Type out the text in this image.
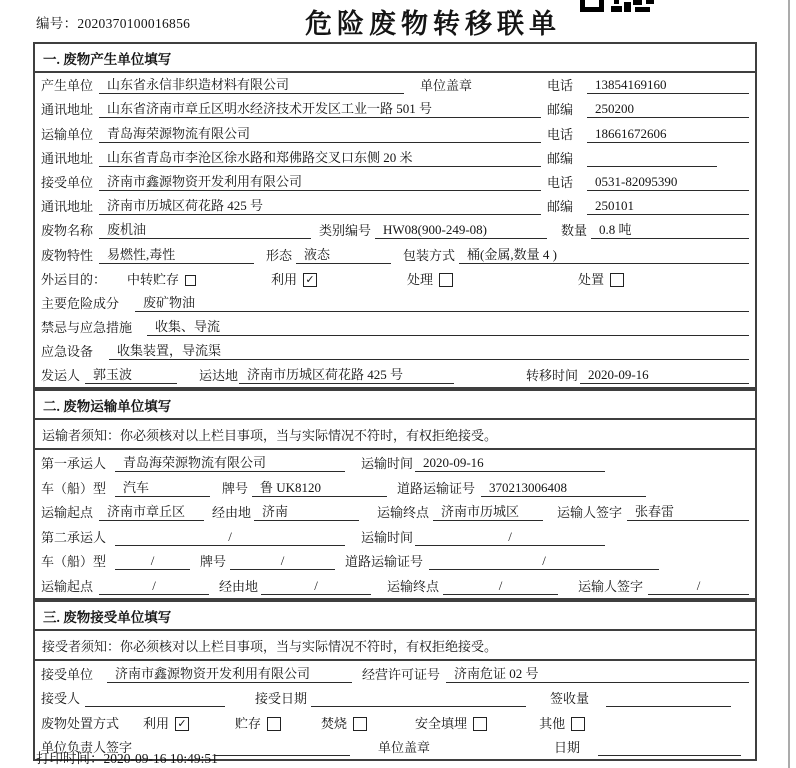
编号：2020370100016856	危险废物转移联单
一. 废物产生单位填写
产生单位	山东省永信非织造材料有限公司	单位盖章	电话	13854169160
通讯地址	山东省济南市章丘区明水经济技术开发区工业一路 501 号	邮编	250200
运输单位	青岛海荣源物流有限公司	电话	18661672606
通讯地址	山东省青岛市李沧区徐水路和郑佛路交叉口东侧 20 米	邮编
接受单位	济南市鑫源物资开发利用有限公司	电话	0531-82095390
通讯地址	济南市历城区荷花路 425 号	邮编	250101
废物名称	废机油	类别编号 HW08(900-249-08)	数量 0.8 吨
废物特性	易燃性,毒性	形态 液态	包装方式 桶(金属,数量 4 )
外运目的：	中转贮存	利用 ✓	处理	处置
主要危险成分	废矿物油
禁忌与应急措施	收集、导流
应急设备	收集装置，导流渠
发运人 郭玉波	运达地 济南市历城区荷花路 425 号	转移时间 2020-09-16
二. 废物运输单位填写
运输者须知：你必须核对以上栏目事项，当与实际情况不符时，有权拒绝接受。
第一承运人	青岛海荣源物流有限公司	运输时间 2020-09-16
车（船）型	汽车	牌号 鲁 UK8120	道路运输证号	370213006408
运输起点	济南市章丘区	经由地 济南	运输终点 济南市历城区	运输人签字 张春雷
第二承运人	/	运输时间	/
车（船）型	/	牌号	/	道路运输证号	/
运输起点	/	经由地	/	运输终点	/	运输人签字	/
三. 废物接受单位填写
接受者须知：你必须核对以上栏目事项，当与实际情况不符时，有权拒绝接受。
接受单位	济南市鑫源物资开发利用有限公司	经营许可证号	济南危证 02 号
接受人	接受日期	签收量
废物处置方式	利用 ✓	贮存	焚烧	安全填埋	其他
单位负责人签字	单位盖章	日期
打印时间：2020-09-16 10:49:51
